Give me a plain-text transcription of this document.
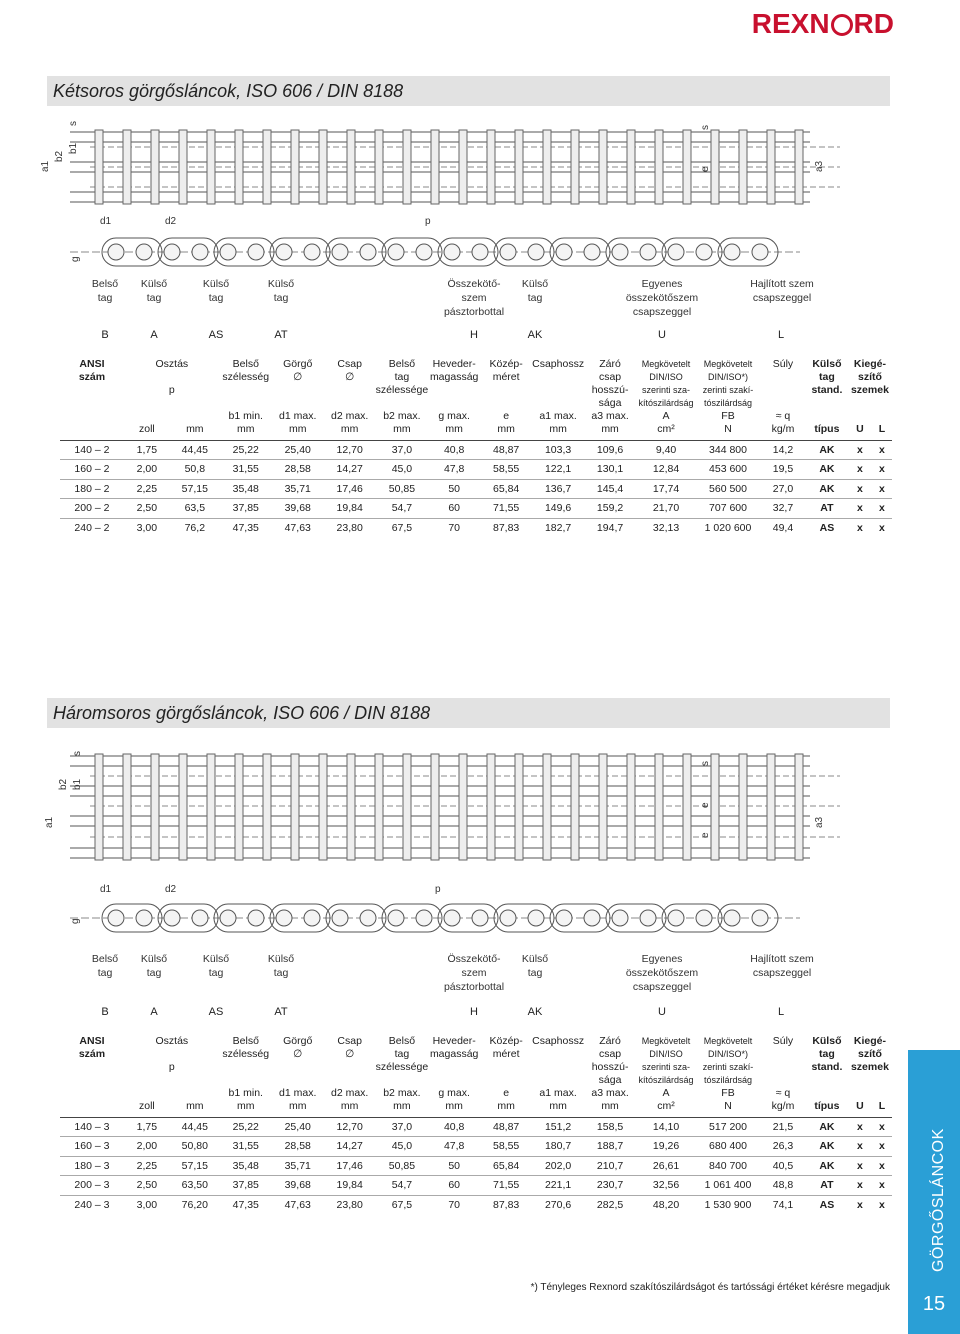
REXN RD
Kétsoros görgősláncok, ISO 606 / DIN 8188
a1
b2
b1
s
s
e	a3
d1	d2	p
g
Belső
tag
Külső
tag
Külső
tag
Külső
tag
Összekötő-
szem
pásztorbottal
Külső
tag
Egyenes
összekötőszem
csapszeggel
Hajlított szem
csapszeggel
B	A	AS	AT	H	AK	U	L
ANSI
szám	Osztás

p		Belső
szélesség	Görgő
∅	Csap
∅	Belső
tag
szélessége	Heveder-
magasság	Közép-
méret	Csaphossz	Záró
csap
hosszú-
sága	Megkövetelt
DIN/ISO
szerinti sza-
kítószilárdság	Megkövetelt
DIN/ISO*)
zerinti szakí-
tószilárdság	Súly	Külső
tag
stand.	Kiegé-
szítő
szemek	
			b1 min.	d1 max.	d2 max.	b2 max.	g max.	e	a1 max.	a3 max.	A	FB	≈ q			
	zoll	mm	mm	mm	mm	mm	mm	mm	mm	mm	cm²	N	kg/m	típus	U	L
140 – 2	1,75	44,45	25,22	25,40	12,70	37,0	40,8	48,87	103,3	109,6	9,40	344 800	14,2	AK	x	x
160 – 2	2,00	50,8	31,55	28,58	14,27	45,0	47,8	58,55	122,1	130,1	12,84	453 600	19,5	AK	x	x
180 – 2	2,25	57,15	35,48	35,71	17,46	50,85	50	65,84	136,7	145,4	17,74	560 500	27,0	AK	x	x
200 – 2	2,50	63,5	37,85	39,68	19,84	54,7	60	71,55	149,6	159,2	21,70	707 600	32,7	AT	x	x
240 – 2	3,00	76,2	47,35	47,63	23,80	67,5	70	87,83	182,7	194,7	32,13	1 020 600	49,4	AS	x	x
Háromsoros görgősláncok, ISO 606 / DIN 8188
a1
b2 b1
s
s
e
e
a3
d1	d2	p
g
Belső
tag
Külső
tag
Külső
tag
Külső
tag
Összekötő-
szem
pásztorbottal
Külső
tag
Egyenes
összekötőszem
csapszeggel
Hajlított szem
csapszeggel
B	A	AS	AT	H	AK	U	L
ANSI
szám	Osztás

p		Belső
szélesség	Görgő
∅	Csap
∅	Belső
tag
szélessége	Heveder-
magasság	Közép-
méret	Csaphossz	Záró
csap
hosszú-
sága	Megkövetelt
DIN/ISO
szerinti sza-
kítószilárdság	Megkövetelt
DIN/ISO*)
zerinti szakí-
tószilárdság	Súly	Külső
tag
stand.	Kiegé-
szítő
szemek	
			b1 min.	d1 max.	d2 max.	b2 max.	g max.	e	a1 max.	a3 max.	A	FB	≈ q			
	zoll	mm	mm	mm	mm	mm	mm	mm	mm	mm	cm²	N	kg/m	típus	U	L
140 – 3	1,75	44,45	25,22	25,40	12,70	37,0	40,8	48,87	151,2	158,5	14,10	517 200	21,5	AK	x	x
160 – 3	2,00	50,80	31,55	28,58	14,27	45,0	47,8	58,55	180,7	188,7	19,26	680 400	26,3	AK	x	x
180 – 3	2,25	57,15	35,48	35,71	17,46	50,85	50	65,84	202,0	210,7	26,61	840 700	40,5	AK	x	x
200 – 3	2,50	63,50	37,85	39,68	19,84	54,7	60	71,55	221,1	230,7	32,56	1 061 400	48,8	AT	x	x
240 – 3	3,00	76,20	47,35	47,63	23,80	67,5	70	87,83	270,6	282,5	48,20	1 530 900	74,1	AS	x	x
*) Tényleges Rexnord szakítószilárdságot és tartóssági értéket kérésre megadjuk
GÖRGŐSLÁNCOK
15
